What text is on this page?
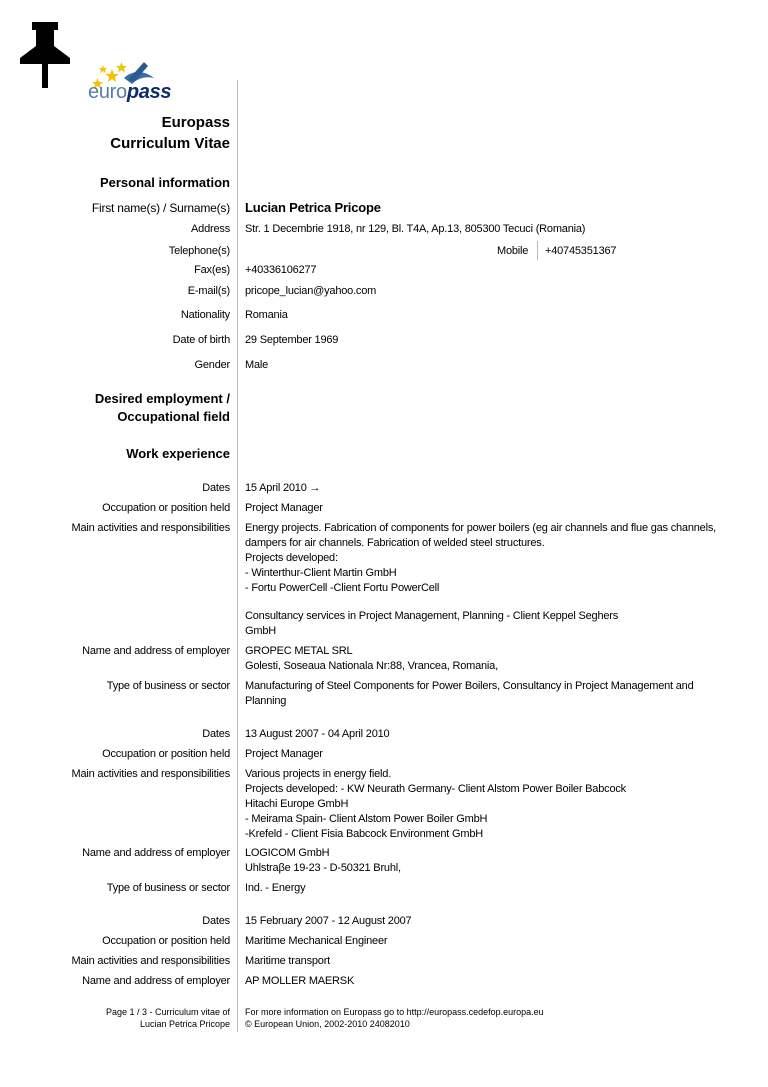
europass
Europass
Curriculum Vitae
Personal information
First name(s) / Surname(s) Lucian Petrica Pricope
Address Str. 1 Decembrie 1918, nr 129, Bl. T4A, Ap.13, 805300 Tecuci (Romania)
Telephone(s)	Mobile +40745351367
Fax(es) +40336106277
E-mail(s) pricope_lucian@yahoo.com
Nationality Romania
Date of birth 29 September 1969
Gender Male
Desired employment /
Occupational field
Work experience
Dates 15 April 2010 →
Occupation or position held Project Manager
Main activities and responsibilities Energy projects. Fabrication of components for power boilers (eg air channels and flue gas channels, dampers for air channels. Fabrication of welded steel structures.
Projects developed:
- Winterthur-Client Martin GmbH
- Fortu PowerCell -Client Fortu PowerCell
Consultancy services in Project Management, Planning - Client Keppel Seghers GmbH
Name and address of employer GROPEC METAL SRL
Golesti, Soseaua Nationala Nr:88, Vrancea, Romania,
Type of business or sector Manufacturing of Steel Components for Power Boilers, Consultancy in Project Management and Planning
Dates 13 August 2007 - 04 April 2010
Occupation or position held Project Manager
Main activities and responsibilities Various projects in energy field.
Projects developed: - KW Neurath Germany- Client Alstom Power Boiler Babcock
Hitachi Europe GmbH
- Meirama Spain- Client Alstom Power Boiler GmbH
-Krefeld - Client Fisia Babcock Environment GmbH
Name and address of employer LOGICOM GmbH
Uhlstraβe 19-23 - D-50321 Bruhl,
Type of business or sector Ind. - Energy
Dates 15 February 2007 - 12 August 2007
Occupation or position held Maritime Mechanical Engineer
Main activities and responsibilities Maritime transport
Name and address of employer AP MOLLER MAERSK
Page 1 / 3 - Curriculum vitae of
Lucian Petrica Pricope
For more information on Europass go to http://europass.cedefop.europa.eu
© European Union, 2002-2010 24082010
